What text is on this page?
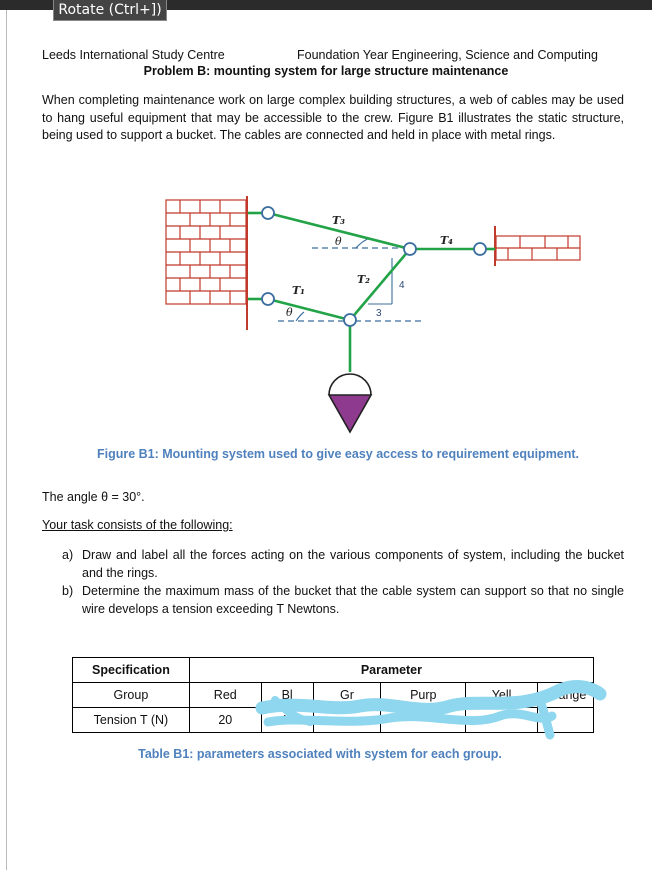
Rotate (Ctrl+])
Leeds International Study Centre	Foundation Year Engineering, Science and Computing
Problem B: mounting system for large structure maintenance
When completing maintenance work on large complex building structures, a web of cables may be used to hang useful equipment that may be accessible to the crew. Figure B1 illustrates the static structure, being used to support a bucket. The cables are connected and held in place with metal rings.
T₃
T₄
T₂
T₁
θ
θ
4
3
Figure B1: Mounting system used to give easy access to requirement equipment.
The angle θ = 30°.
Your task consists of the following:
a) Draw and label all the forces acting on the various components of system, including the bucket and the rings.
b) Determine the maximum mass of the bucket that the cable system can support so that no single wire develops a tension exceeding T Newtons.
Specification	Parameter					
Group	Red	Bl	Gr	Purp	Yell	Orange
Tension T (N)	20	40				
Table B1: parameters associated with system for each group.
